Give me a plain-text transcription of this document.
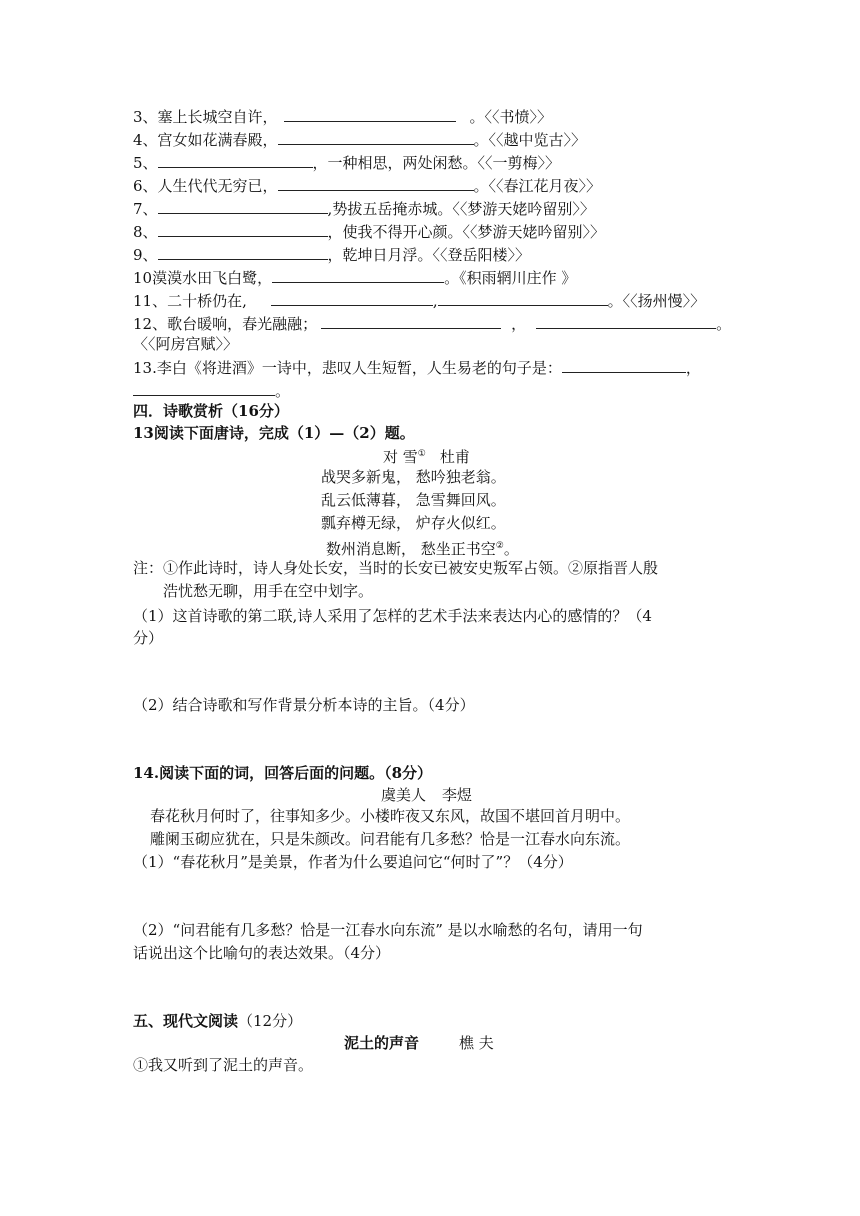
3、塞上长城空自许，	。〈〈书愤〉〉
4、宫女如花满春殿，	。〈〈越中览古〉〉
5、	，一种相思，两处闲愁。〈〈一剪梅〉〉
6、人生代代无穷已，	。〈〈春江花月夜〉〉
7、	,势拔五岳掩赤城。〈〈梦游天姥吟留别〉〉
8、	，使我不得开心颜。〈〈梦游天姥吟留别〉〉
9、	，乾坤日月浮。〈〈登岳阳楼〉〉
10漠漠水田飞白鹭，	。《积雨辋川庄作 》
11、二十桥仍在,	,	。〈〈扬州慢〉〉
12、歌台暖响，春光融融；	，	。
〈〈阿房宫赋〉〉
13.李白《将进酒》一诗中，悲叹人生短暂，人生易老的句子是：	，
。
四．诗歌赏析（16分）
13阅读下面唐诗，完成（1）—（2）题。
对 雪① 杜甫
战哭多新鬼， 愁吟独老翁。
乱云低薄暮， 急雪舞回风。
瓢弃樽无绿， 炉存火似红。
数州消息断， 愁坐正书空②。
注：①作此诗时，诗人身处长安，当时的长安已被安史叛军占领。②原指晋人殷
浩忧愁无聊，用手在空中划字。
（1）这首诗歌的第二联,诗人采用了怎样的艺术手法来表达内心的感情的？（4
分）
（2）结合诗歌和写作背景分析本诗的主旨。（4分）
14.阅读下面的词，回答后面的问题。（8分）
虞美人 李煜
春花秋月何时了，往事知多少。小楼昨夜又东风，故国不堪回首月明中。
雕阑玉砌应犹在，只是朱颜改。问君能有几多愁？恰是一江春水向东流。
（1）“春花秋月”是美景，作者为什么要追问它“何时了”？（4分）
（2）“问君能有几多愁？恰是一江春水向东流” 是以水喻愁的名句，请用一句
话说出这个比喻句的表达效果。（4分）
五、现代文阅读（12分）
泥土的声音	樵 夫
①我又听到了泥土的声音。
